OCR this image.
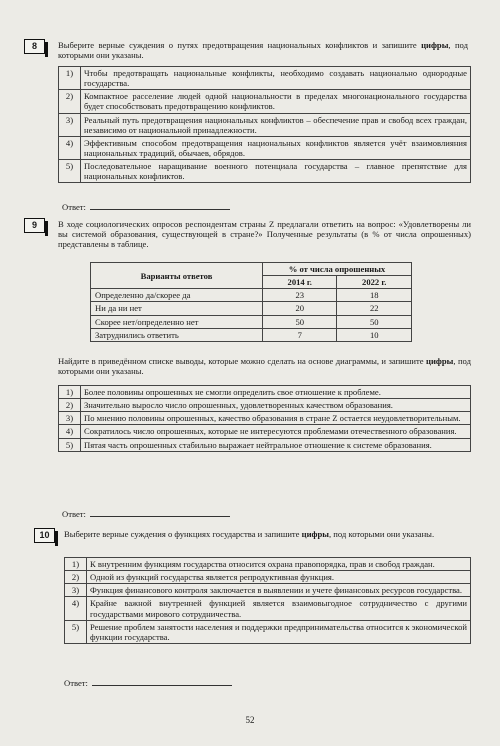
8	Выберите верные суждения о путях предотвращения национальных конфликтов и запишите цифры, под которыми они указаны.
1)	Чтобы предотвращать национальные конфликты, необходимо создавать национально однородные государства.
2)	Компактное расселение людей одной национальности в пределах многонационального государства будет способствовать предотвращению конфликтов.
3)	Реальный путь предотвращения национальных конфликтов – обеспечение прав и свобод всех граждан, независимо от национальной принадлежности.
4)	Эффективным способом предотвращения национальных конфликтов является учёт взаимовлияния национальных традиций, обычаев, обрядов.
5)	Последовательное наращивание военного потенциала государства – главное препятствие для национальных конфликтов.
Ответ:
9	В ходе социологических опросов респондентам страны Z предлагали ответить на вопрос: «Удовлетворены ли вы системой образования, существующей в стране?» Полученные результаты (в % от числа опрошенных) представлены в таблице.
Варианты ответов	% от числа опрошенных	
	2014 г.	2022 г.
Определенно да/скорее да	23	18
Ни да ни нет	20	22
Скорее нет/определенно нет	50	50
Затруднились ответить	7	10
Найдите в приведённом списке выводы, которые можно сделать на основе диаграммы, и запишите цифры, под которыми они указаны.
1)	Более половины опрошенных не смогли определить свое отношение к проблеме.
2)	Значительно выросло число опрошенных, удовлетворенных качеством образования.
3)	По мнению половины опрошенных, качество образования в стране Z остается неудовлетворительным.
4)	Сократилось число опрошенных, которые не интересуются проблемами отечественного образования.
5)	Пятая часть опрошенных стабильно выражает нейтральное отношение к системе образования.
Ответ:
10	Выберите верные суждения о функциях государства и запишите цифры, под которыми они указаны.
1)	К внутренним функциям государства относится охрана правопорядка, прав и свобод граждан.
2)	Одной из функций государства является репродуктивная функция.
3)	Функция финансового контроля заключается в выявлении и учете финансовых ресурсов государства.
4)	Крайне важной внутренней функцией является взаимовыгодное сотрудничество с другими государствами мирового сотрудничества.
5)	Решение проблем занятости населения и поддержки предпринимательства относится к экономической функции государства.
Ответ:
52
